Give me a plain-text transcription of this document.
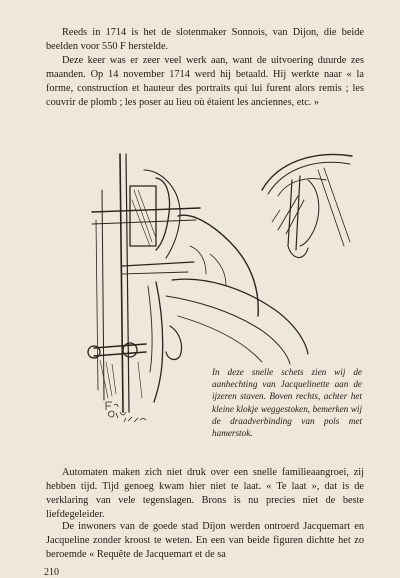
Reeds in 1714 is het de slotenmaker Sonnois, van Dijon, die beide beelden voor 550 F herstelde.

Deze keer was er zeer veel werk aan, want de uitvoering duurde zes maanden. Op 14 november 1714 werd hij betaald. Hij werkte naar « la forme, construction et hauteur des portraits qui lui furent alors remis ; les couvrir de plomb ; les poser au lieu où étaient les anciennes, etc. »

In deze snelle schets zien wij de aanhechting van Jacquelinette aan de ijzeren staven. Boven rechts, achter het kleine klokje weggestoken, bemerken wij de draadverbinding van pols met hamerstok.

Automaten maken zich niet druk over een snelle familieaangroei, zij hebben tijd. Tijd genoeg kwam hier niet te laat. « Te laat », dat is de verklaring van vele tegenslagen. Brons is nu precies niet de beste liefdegeleider.

De inwoners van de goede stad Dijon werden ontroerd Jacquemart en Jacqueline zonder kroost te weten. En een van beide figuren dichtte het zo beroemde « Requête de Jacquemart et de sa

210
